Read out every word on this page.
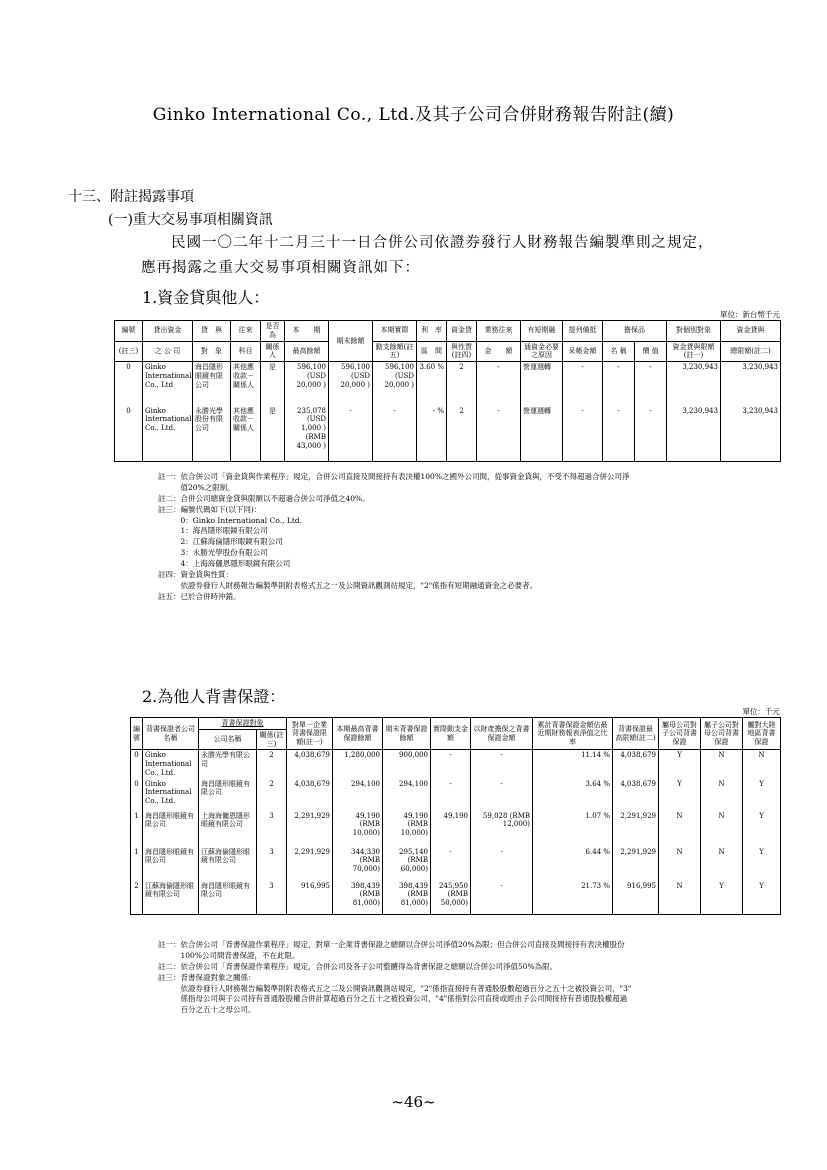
Ginko International Co., Ltd.及其子公司合併財務報告附註(續)
十三、附註揭露事項
(一)重大交易事項相關資訊
民國一〇二年十二月三十一日合併公司依證券發行人財務報告編製準則之規定，
應再揭露之重大交易事項相關資訊如下：
1.資金貸與他人：
單位：新台幣千元
編號	貸出資金	貸　與	往來	是否為	本　　期	期末餘額	本期實際	利　率	資金貸	業務往來	有短期融	提列備抵	擔保品		對個別對象	資金貸與
(註三)	之 公 司	對　象	科目	關係人	最高餘額		動支餘額(註五)	區　間	與性質(註四)	金　　額	通資金必要之原因	呆帳金額	名 稱	價 值	資金貸與限額(註一)	總限額(註二)
0	Ginko International Co., Ltd	海昌隱形眼鏡有限公司	其他應收款－關係人	是	596,100 (USD 20,000 )	596,100 (USD 20,000 )	596,100 (USD 20,000 )	3.60 %	2	-	營運週轉	-	-	-	3,230,943	3,230,943
0	Ginko International Co., Ltd.	永勝光學股份有限公司	其他應收款－關係人	是	235,078 (USD 1,000 ) (RMB 43,000 )	-	-	- %	2	-	營運週轉	-	-	-	3,230,943	3,230,943
註一：依合併公司「資金貸與作業程序」規定，合併公司直接及間接持有表決權100%之國外公司間，從事資金貸與，不受不得超過合併公司淨
　　　值20%之限制。
註二：合併公司總資金貸與限額以不超過合併公司淨值之40%。
註三：編號代碼如下(以下同)：
　　　0：Ginko International Co., Ltd.
　　　1：海昌隱形眼鏡有限公司
　　　2：江蘇海倫隱形眼鏡有限公司
　　　3：永勝光學股份有限公司
　　　4：上海海儷恩隱形眼鏡有限公司
註四：資金貸與性質：
　　　依證券發行人財務報告編製準則附表格式五之一及公開資訊觀測站規定，"2"係指有短期融通資金之必要者。
註五：已於合併時沖銷。
2.為他人背書保證：
單位：千元
編號	背書保證者公司名稱	背書保證對象		對單一企業背書保證限額(註一)	本期最高背書保證餘額	期末背書保證餘額	實際動支金額	以財產擔保之背書保證金額	累計背書保證金額佔最近期財務報表淨值之比率	背書保證最高限額(註二)	屬母公司對子公司背書保證	屬子公司對母公司背書保證	屬對大陸地區背書保證
		公司名稱	關係(註三)										
0	Ginko International Co., Ltd.	永勝光學有限公司	2	4,038,679	1,280,000	900,000	-	-	11.14 %	4,038,679	Y	N	N
0	Ginko International Co., Ltd.	海昌隱形眼鏡有限公司	2	4,038,679	294,100	294,100	-	-	3.64 %	4,038,679	Y	N	Y
1	海昌隱形眼鏡有限公司	上海海儷恩隱形眼鏡有限公司	3	2,291,929	49,190 (RMB 10,000)	49,190 (RMB 10,000)	49,190	59,028 (RMB 12,000)	1.07 %	2,291,929	N	N	Y
1	海昌隱形眼鏡有限公司	江蘇海倫隱形眼鏡有限公司	3	2,291,929	344,330 (RMB 70,000)	295,140 (RMB 60,000)	-	-	6.44 %	2,291,929	N	N	Y
2	江蘇海倫隱形眼鏡有限公司	海昌隱形眼鏡有限公司	3	916,995	398,439 (RMB 81,000)	398,439 (RMB 81,000)	245,950 (RMB 50,000)	-	21.73 %	916,995	N	Y	Y
註一：依合併公司「背書保證作業程序」規定，對單一企業背書保證之總額以合併公司淨值20%為限；但合併公司直接及間接持有表決權股份
　　　100%公司間背書保證，不在此限。
註二：依合併公司「背書保證作業程序」規定，合併公司及各子公司整體得為背書保證之總額以合併公司淨值50%為限。
註三：背書保證對象之關係：
　　　依證券發行人財務報告編製準則附表格式五之二及公開資訊觀測站規定，"2"係指直接持有普通股股數超過百分之五十之被投資公司，"3"
　　　係指母公司與子公司持有普通股股權合併計算超過百分之五十之被投資公司，"4"係指對公司直接或經由子公司間接持有普通股股權超過
　　　百分之五十之母公司。
~46~
